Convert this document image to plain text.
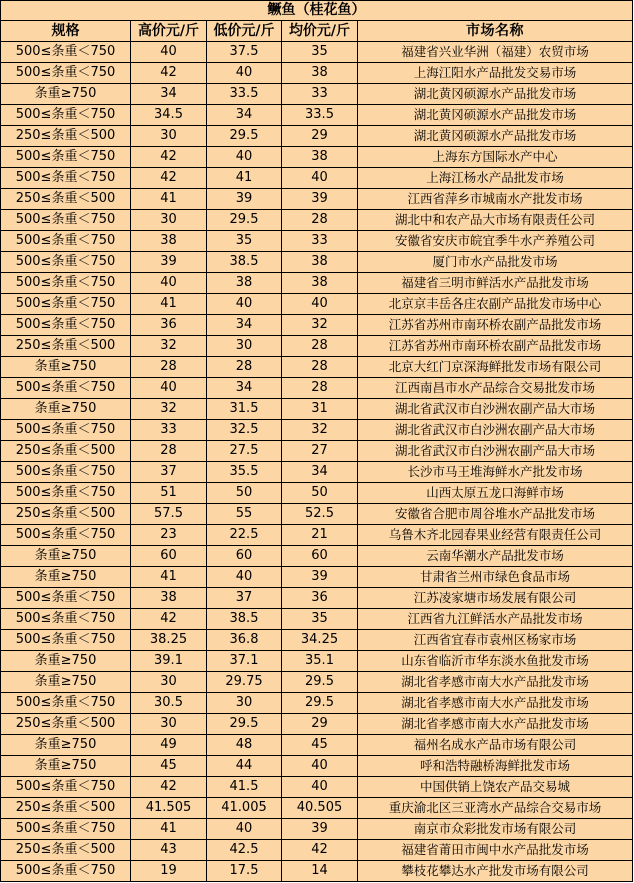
鳜鱼（桂花鱼）
规格	高价元/斤	低价元/斤	均价元/斤	市场名称
500≤条重＜750	40	37.5	35	福建省兴业华洲（福建）农贸市场
500≤条重＜750	42	40	38	上海江阳水产品批发交易市场
条重≥750	34	33.5	33	湖北黄冈硕源水产品批发市场
500≤条重＜750	34.5	34	33.5	湖北黄冈硕源水产品批发市场
250≤条重＜500	30	29.5	29	湖北黄冈硕源水产品批发市场
500≤条重＜750	42	40	38	上海东方国际水产中心
500≤条重＜750	42	41	40	上海江杨水产品批发市场
250≤条重＜500	41	39	39	江西省萍乡市城南水产批发市场
500≤条重＜750	30	29.5	28	湖北中和农产品大市场有限责任公司
500≤条重＜750	38	35	33	安徽省安庆市皖宜季牛水产养殖公司
500≤条重＜750	39	38.5	38	厦门市水产品批发市场
500≤条重＜750	40	38	38	福建省三明市鲜活水产品批发市场
500≤条重＜750	41	40	40	北京京丰岳各庄农副产品批发市场中心
500≤条重＜750	36	34	32	江苏省苏州市南环桥农副产品批发市场
250≤条重＜500	32	30	28	江苏省苏州市南环桥农副产品批发市场
条重≥750	28	28	28	北京大红门京深海鲜批发市场有限公司
500≤条重＜750	40	34	28	江西南昌市水产品综合交易批发市场
条重≥750	32	31.5	31	湖北省武汉市白沙洲农副产品大市场
500≤条重＜750	33	32.5	32	湖北省武汉市白沙洲农副产品大市场
250≤条重＜500	28	27.5	27	湖北省武汉市白沙洲农副产品大市场
500≤条重＜750	37	35.5	34	长沙市马王堆海鲜水产批发市场
500≤条重＜750	51	50	50	山西太原五龙口海鲜市场
250≤条重＜500	57.5	55	52.5	安徽省合肥市周谷堆水产品批发市场
500≤条重＜750	23	22.5	21	乌鲁木齐北园春果业经营有限责任公司
条重≥750	60	60	60	云南华潮水产品批发市场
条重≥750	41	40	39	甘肃省兰州市绿色食品市场
500≤条重＜750	38	37	36	江苏凌家塘市场发展有限公司
500≤条重＜750	42	38.5	35	江西省九江鲜活水产品批发市场
500≤条重＜750	38.25	36.8	34.25	江西省宜春市袁州区杨家市场
条重≥750	39.1	37.1	35.1	山东省临沂市华东淡水鱼批发市场
条重≥750	30	29.75	29.5	湖北省孝感市南大水产品批发市场
500≤条重＜750	30.5	30	29.5	湖北省孝感市南大水产品批发市场
250≤条重＜500	30	29.5	29	湖北省孝感市南大水产品批发市场
条重≥750	49	48	45	福州名成水产品市场有限公司
条重≥750	45	44	40	呼和浩特融桥海鲜批发市场
500≤条重＜750	42	41.5	40	中国供销上饶农产品交易城
250≤条重＜500	41.505	41.005	40.505	重庆渝北区三亚湾水产品综合交易市场
500≤条重＜750	41	40	39	南京市众彩批发市场有限公司
250≤条重＜500	43	42.5	42	福建省莆田市闽中水产品批发市场
500≤条重＜750	19	17.5	14	攀枝花攀达水产批发市场有限公司
